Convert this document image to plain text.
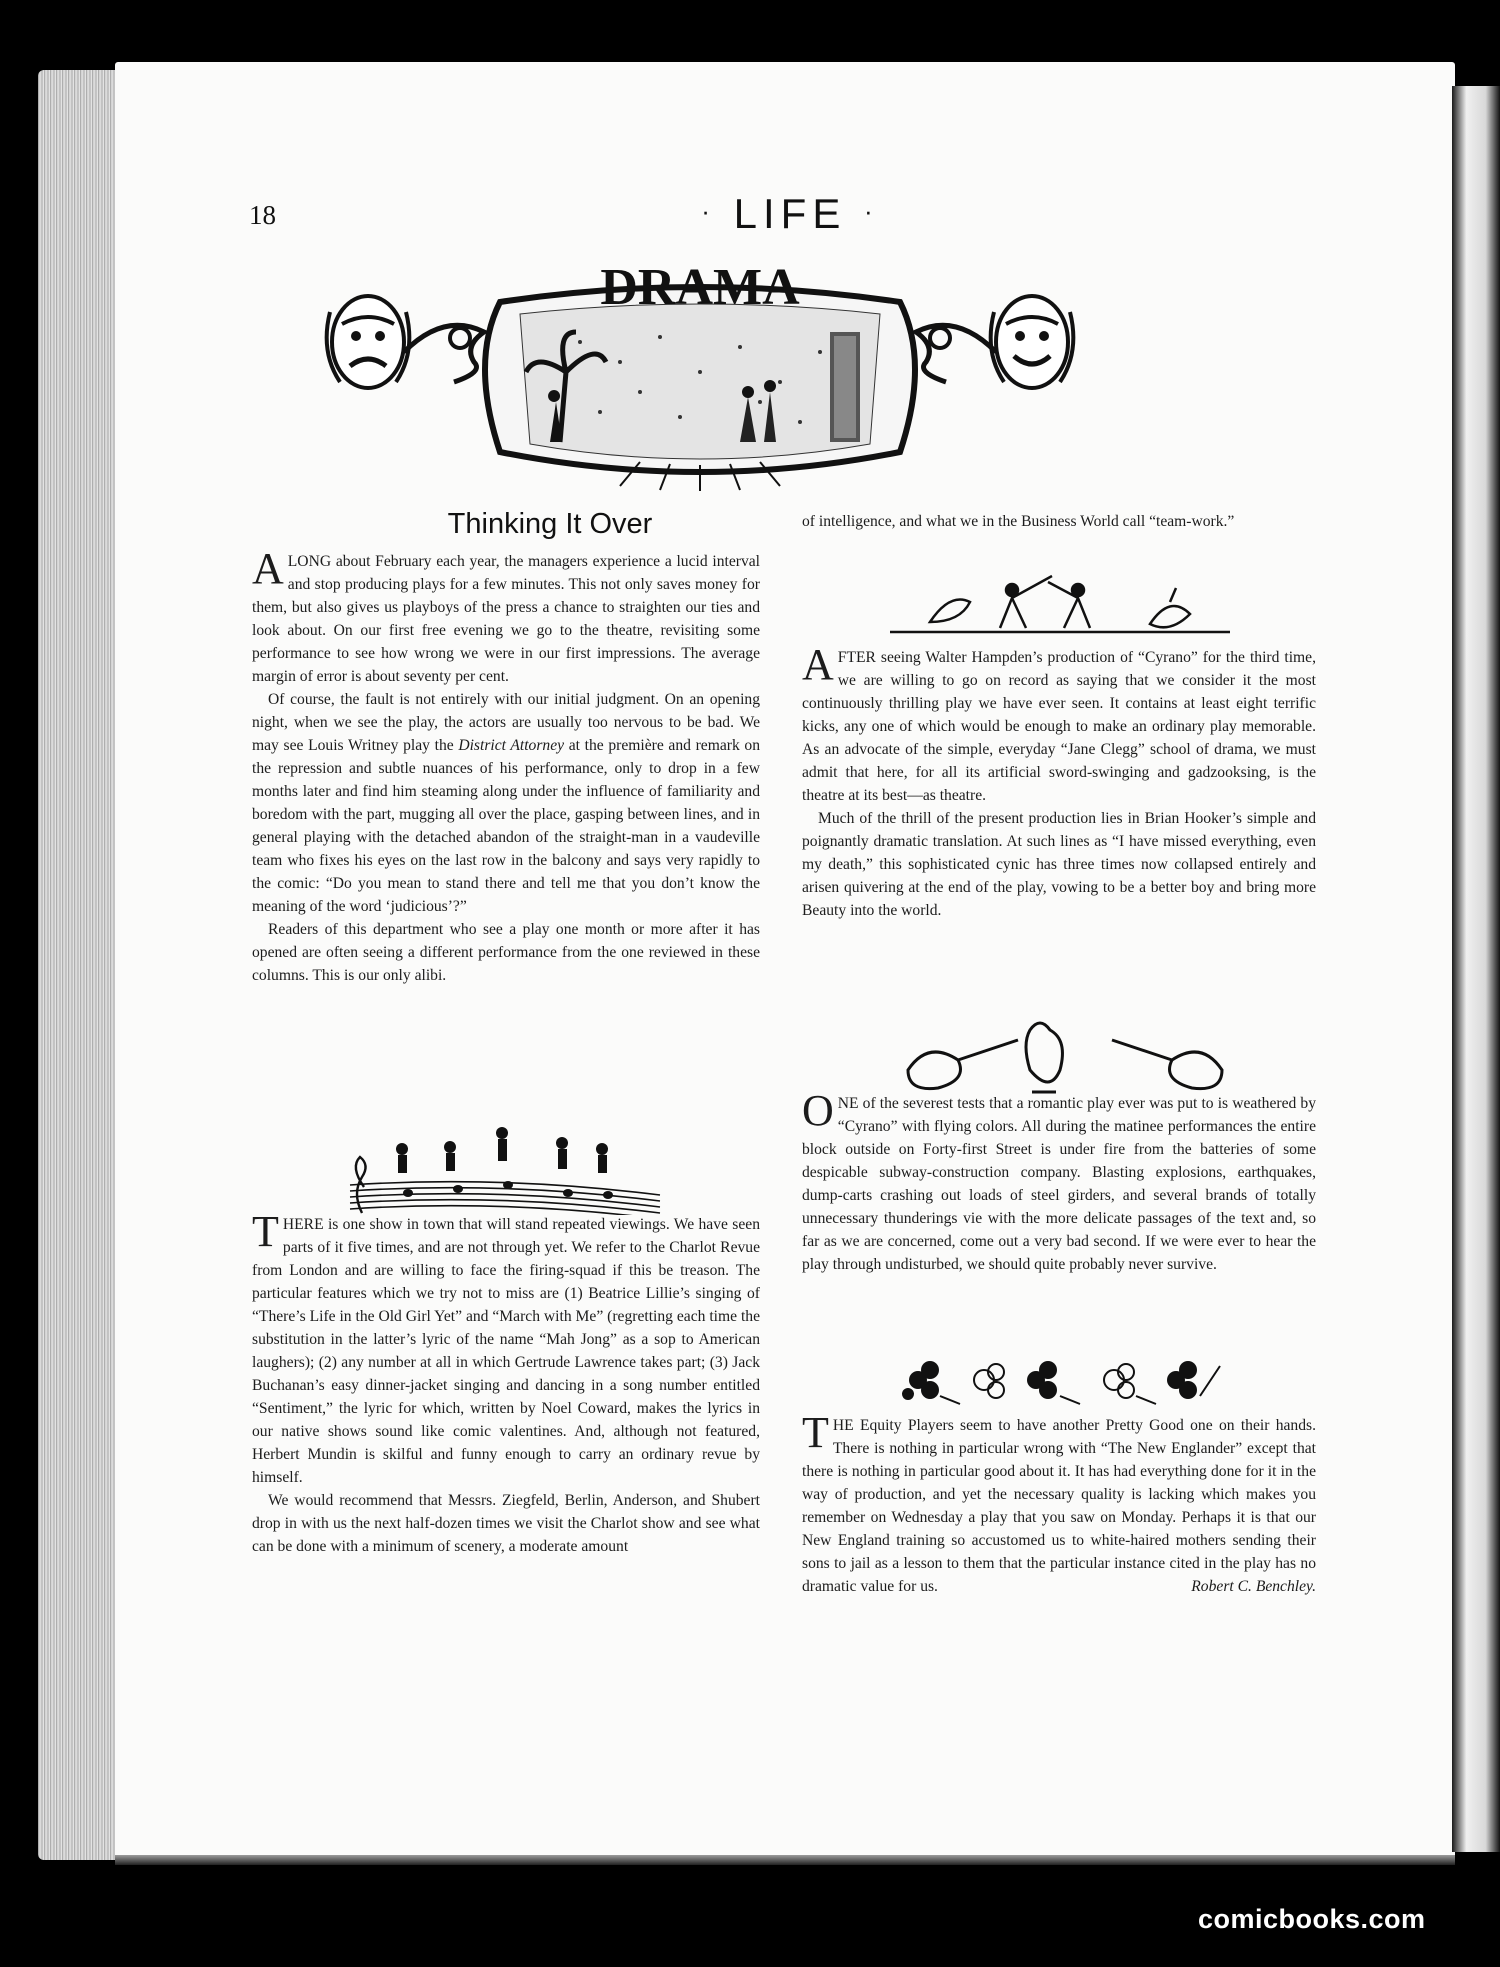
18	· LIFE ·
DRAMA
Thinking It Over

ALONG about February each year, the managers experience a lucid interval and stop producing plays for a few minutes. This not only saves money for them, but also gives us playboys of the press a chance to straighten our ties and look about. On our first free evening we go to the theatre, revisiting some performance to see how wrong we were in our first impressions. The average margin of error is about seventy per cent.

Of course, the fault is not entirely with our initial judgment. On an opening night, when we see the play, the actors are usually too nervous to be bad. We may see Louis Writney play the District Attorney at the première and remark on the repression and subtle nuances of his performance, only to drop in a few months later and find him steaming along under the influence of familiarity and boredom with the part, mugging all over the place, gasping between lines, and in general playing with the detached abandon of the straight-man in a vaudeville team who fixes his eyes on the last row in the balcony and says very rapidly to the comic: “Do you mean to stand there and tell me that you don’t know the meaning of the word ‘judicious’?”

Readers of this department who see a play one month or more after it has opened are often seeing a different performance from the one reviewed in these columns. This is our only alibi.

THERE is one show in town that will stand repeated viewings. We have seen parts of it five times, and are not through yet. We refer to the Charlot Revue from London and are willing to face the firing-squad if this be treason. The particular features which we try not to miss are (1) Beatrice Lillie’s singing of “There’s Life in the Old Girl Yet” and “March with Me” (regretting each time the substitution in the latter’s lyric of the name “Mah Jong” as a sop to American laughers); (2) any number at all in which Gertrude Lawrence takes part; (3) Jack Buchanan’s easy dinner-jacket singing and dancing in a song number entitled “Sentiment,” the lyric for which, written by Noel Coward, makes the lyrics in our native shows sound like comic valentines. And, although not featured, Herbert Mundin is skilful and funny enough to carry an ordinary revue by himself.

We would recommend that Messrs. Ziegfeld, Berlin, Anderson, and Shubert drop in with us the next half-dozen times we visit the Charlot show and see what can be done with a minimum of scenery, a moderate amount

of intelligence, and what we in the Business World call “team-work.”

AFTER seeing Walter Hampden’s production of “Cyrano” for the third time, we are willing to go on record as saying that we consider it the most continuously thrilling play we have ever seen. It contains at least eight terrific kicks, any one of which would be enough to make an ordinary play memorable. As an advocate of the simple, everyday “Jane Clegg” school of drama, we must admit that here, for all its artificial sword-swinging and gadzooksing, is the theatre at its best—as theatre.

Much of the thrill of the present production lies in Brian Hooker’s simple and poignantly dramatic translation. At such lines as “I have missed everything, even my death,” this sophisticated cynic has three times now collapsed entirely and arisen quivering at the end of the play, vowing to be a better boy and bring more Beauty into the world.

ONE of the severest tests that a romantic play ever was put to is weathered by “Cyrano” with flying colors. All during the matinee performances the entire block outside on Forty-first Street is under fire from the batteries of some despicable subway-construction company. Blasting explosions, earthquakes, dump-carts crashing out loads of steel girders, and several brands of totally unnecessary thunderings vie with the more delicate passages of the text and, so far as we are concerned, come out a very bad second. If we were ever to hear the play through undisturbed, we should quite probably never survive.

THE Equity Players seem to have another Pretty Good one on their hands. There is nothing in particular wrong with “The New Englander” except that there is nothing in particular good about it. It has had everything done for it in the way of production, and yet the necessary quality is lacking which makes you remember on Wednesday a play that you saw on Monday. Perhaps it is that our New England training so accustomed us to white-haired mothers sending their sons to jail as a lesson to them that the particular instance cited in the play has no dramatic value for us.	Robert C. Benchley.

comicbooks.com
